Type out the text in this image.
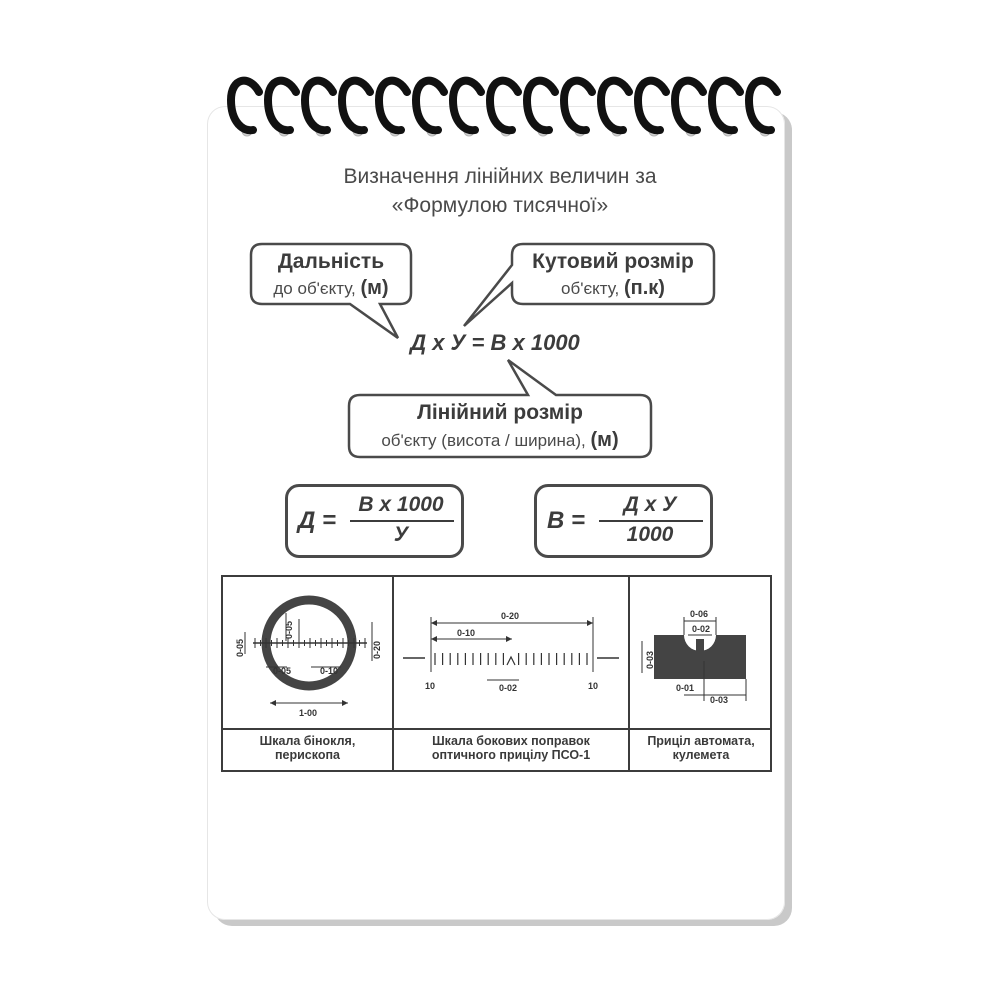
Визначення лінійних величин за
«Формулою тисячної»
Дальність
до об'єкту, (м)
Кутовий розмір
об'єкту, (п.к)
Д х У = В х 1000
Лінійний розмір
об'єкту (висота / ширина), (м)
Д =
В х 1000
У
В =
Д х У
1000
0-05
0-05
0-20
0-05	0-10
1-00
0-20
0-10
0-02
10	10
0-06
0-02
0-03
0-01
0-03
Шкала бінокля,
перископа
Шкала бокових поправок
оптичного прицілу ПСО-1
Приціл автомата,
кулемета
